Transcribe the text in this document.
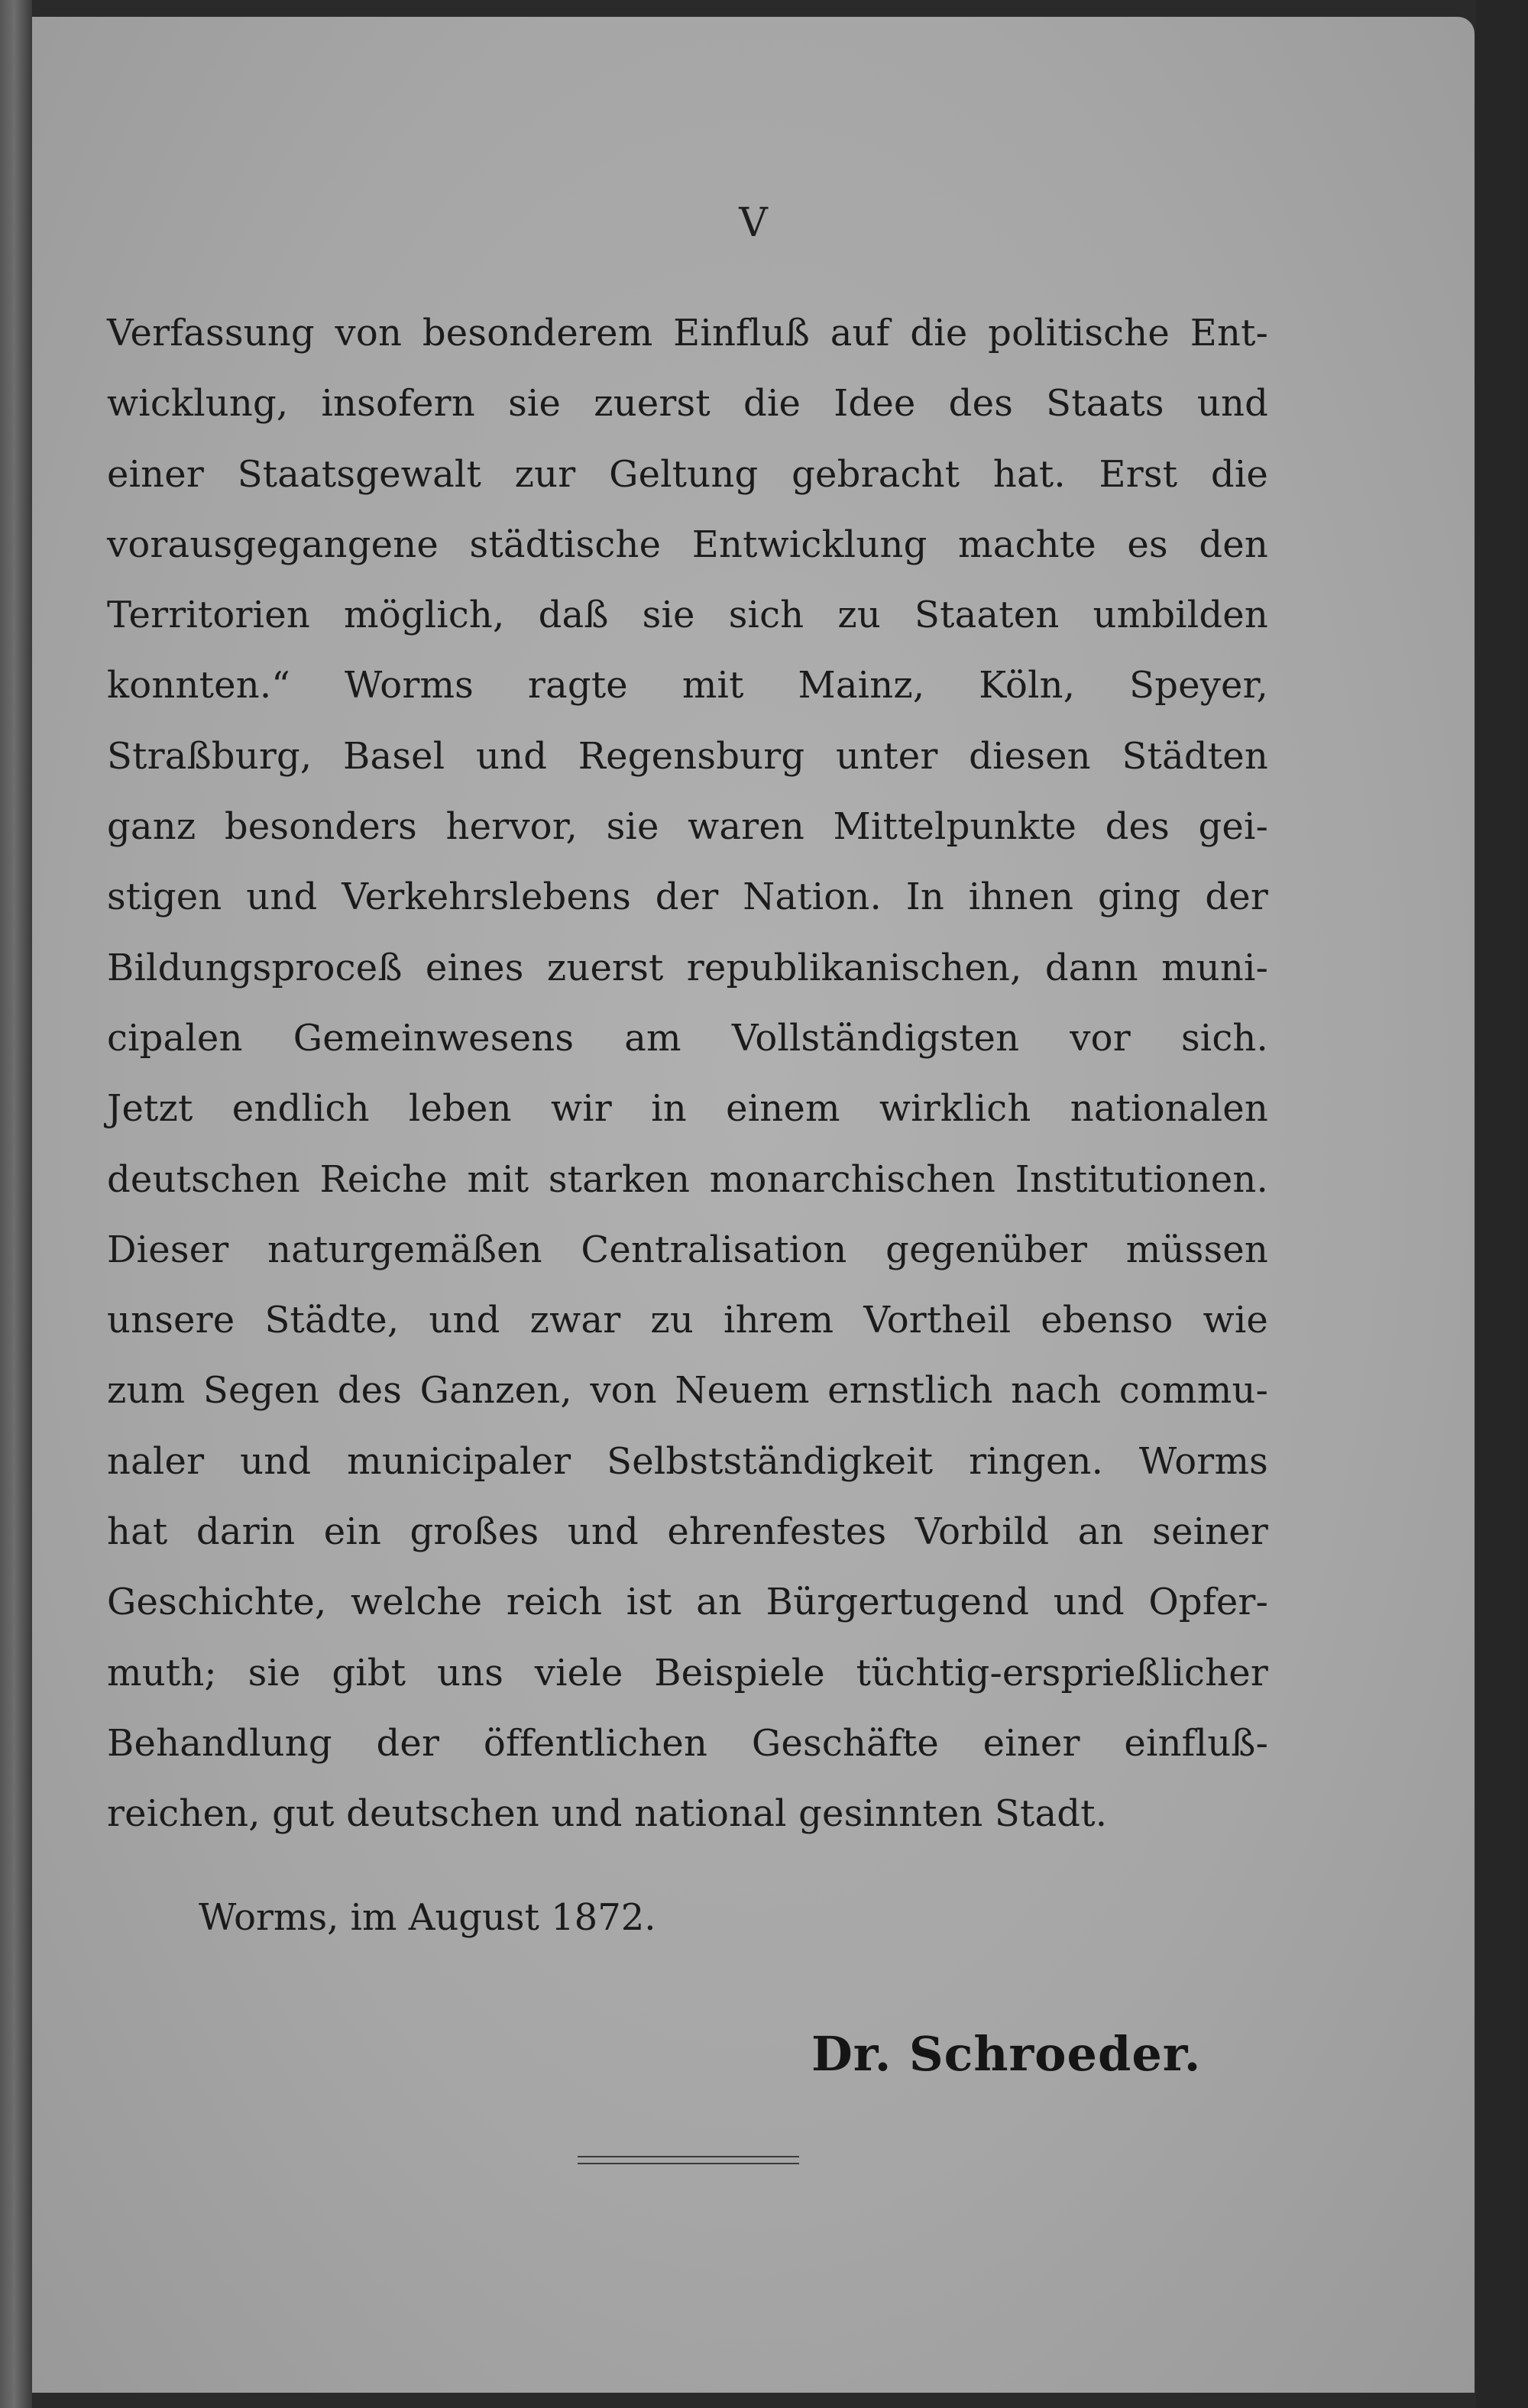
V

Verfassung von besonderem Einfluß auf die politische Ent-
wicklung, insofern sie zuerst die Idee des Staats und
einer Staatsgewalt zur Geltung gebracht hat. Erst die
vorausgegangene städtische Entwicklung machte es den
Territorien möglich, daß sie sich zu Staaten umbilden
konnten.“ Worms ragte mit Mainz, Köln, Speyer,
Straßburg, Basel und Regensburg unter diesen Städten
ganz besonders hervor, sie waren Mittelpunkte des gei-
stigen und Verkehrslebens der Nation. In ihnen ging der
Bildungsproceß eines zuerst republikanischen, dann muni-
cipalen Gemeinwesens am Vollständigsten vor sich.
Jetzt endlich leben wir in einem wirklich nationalen
deutschen Reiche mit starken monarchischen Institutionen.
Dieser naturgemäßen Centralisation gegenüber müssen
unsere Städte, und zwar zu ihrem Vortheil ebenso wie
zum Segen des Ganzen, von Neuem ernstlich nach commu-
naler und municipaler Selbstständigkeit ringen. Worms
hat darin ein großes und ehrenfestes Vorbild an seiner
Geschichte, welche reich ist an Bürgertugend und Opfer-
muth; sie gibt uns viele Beispiele tüchtig-ersprießlicher
Behandlung der öffentlichen Geschäfte einer einfluß-
reichen, gut deutschen und national gesinnten Stadt.

Worms, im August 1872.

Dr. Schroeder.
